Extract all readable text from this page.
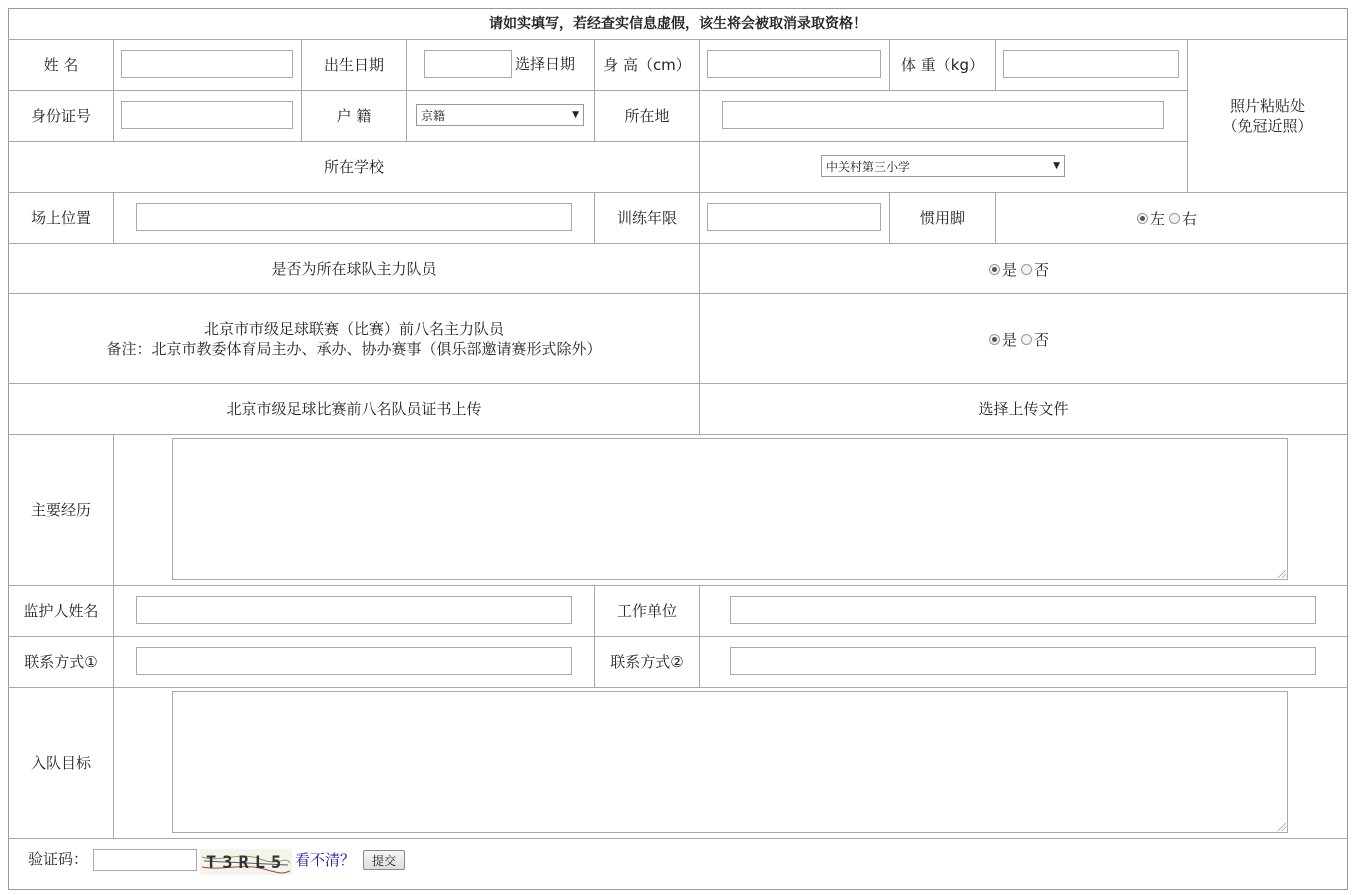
请如实填写，若经查实信息虚假，该生将会被取消录取资格！
姓 名	出生日期	选择日期	身 高（cm）	体 重（kg）
照片粘贴处
（免冠近照）
身份证号	户 籍	京籍	▼	所在地
所在学校	中关村第三小学	▼
场上位置	训练年限	惯用脚	左 右
是否为所在球队主力队员	是 否
北京市市级足球联赛（比赛）前八名主力队员
备注：北京市教委体育局主办、承办、协办赛事（俱乐部邀请赛形式除外）	是 否
北京市级足球比赛前八名队员证书上传	选择上传文件
主要经历
监护人姓名	工作单位
联系方式①	联系方式②
入队目标
验证码：	T3RL5 看不清？	提交
